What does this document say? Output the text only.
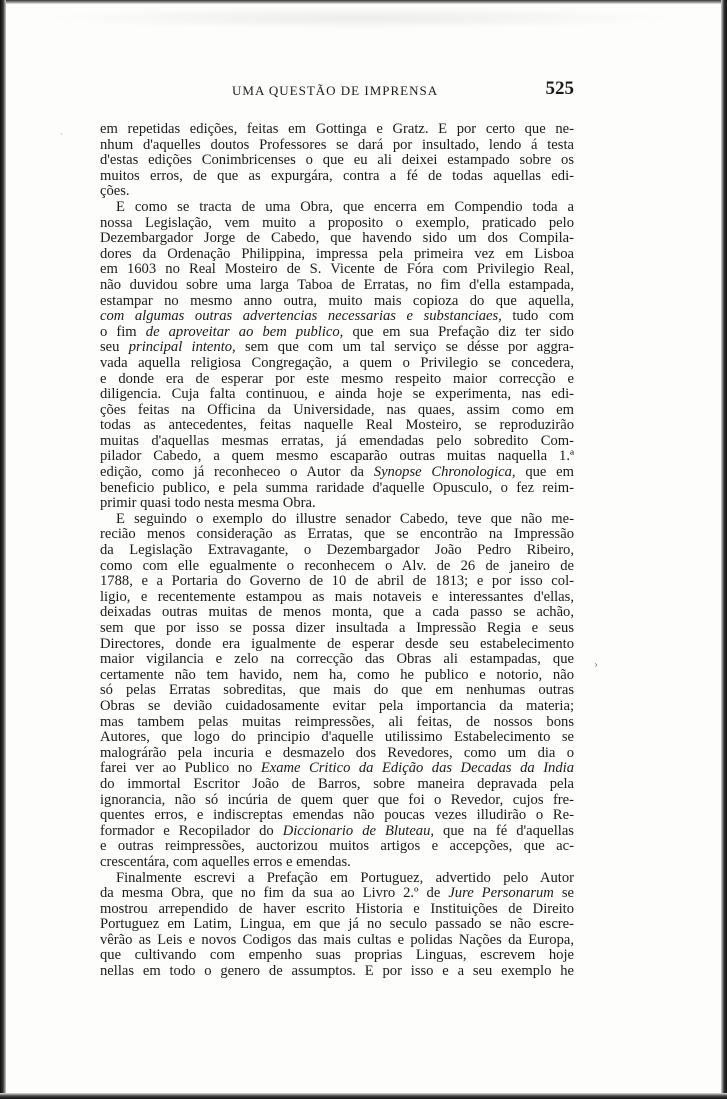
UMA QUESTÃO DE IMPRENSA	525
·
›
em repetidas edições, feitas em Gottinga e Gratz. E por certo que ne-
nhum d'aquelles doutos Professores se dará por insultado, lendo á testa
d'estas edições Conimbricenses o que eu ali deixei estampado sobre os
muitos erros, de que as expurgára, contra a fé de todas aquellas edi-
ções.
E como se tracta de uma Obra, que encerra em Compendio toda a
nossa Legislação, vem muito a proposito o exemplo, praticado pelo
Dezembargador Jorge de Cabedo, que havendo sido um dos Compila-
dores da Ordenação Philippina, impressa pela primeira vez em Lisboa
em 1603 no Real Mosteiro de S. Vicente de Fóra com Privilegio Real,
não duvidou sobre uma larga Taboa de Erratas, no fim d'ella estampada,
estampar no mesmo anno outra, muito mais copioza do que aquella,
com algumas outras advertencias necessarias e substanciaes, tudo com
o fim de aproveitar ao bem publico, que em sua Prefação diz ter sido
seu principal intento, sem que com um tal serviço se désse por aggra-
vada aquella religiosa Congregação, a quem o Privilegio se concedera,
e donde era de esperar por este mesmo respeito maior correcção e
diligencia. Cuja falta continuou, e ainda hoje se experimenta, nas edi-
ções feitas na Officina da Universidade, nas quaes, assim como em
todas as antecedentes, feitas naquelle Real Mosteiro, se reproduzirão
muitas d'aquellas mesmas erratas, já emendadas pelo sobredito Com-
pilador Cabedo, a quem mesmo escaparão outras muitas naquella 1.ª
edição, como já reconheceo o Autor da Synopse Chronologica, que em
beneficio publico, e pela summa raridade d'aquelle Opusculo, o fez reim-
primir quasi todo nesta mesma Obra.
E seguindo o exemplo do illustre senador Cabedo, teve que não me-
recião menos consideração as Erratas, que se encontrão na Impressão
da Legislação Extravagante, o Dezembargador João Pedro Ribeiro,
como com elle egualmente o reconhecem o Alv. de 26 de janeiro de
1788, e a Portaria do Governo de 10 de abril de 1813; e por isso col-
ligio, e recentemente estampou as mais notaveis e interessantes d'ellas,
deixadas outras muitas de menos monta, que a cada passo se achão,
sem que por isso se possa dizer insultada a Impressão Regia e seus
Directores, donde era igualmente de esperar desde seu estabelecimento
maior vigilancia e zelo na correcção das Obras ali estampadas, que
certamente não tem havido, nem ha, como he publico e notorio, não
só pelas Erratas sobreditas, que mais do que em nenhumas outras
Obras se devião cuidadosamente evitar pela importancia da materia;
mas tambem pelas muitas reimpressões, ali feitas, de nossos bons
Autores, que logo do principio d'aquelle utilissimo Estabelecimento se
malográrão pela incuria e desmazelo dos Revedores, como um dia o
farei ver ao Publico no Exame Critico da Edição das Decadas da India
do immortal Escritor João de Barros, sobre maneira depravada pela
ignorancia, não só incúria de quem quer que foi o Revedor, cujos fre-
quentes erros, e indiscreptas emendas não poucas vezes illudirão o Re-
formador e Recopilador do Diccionario de Bluteau, que na fé d'aquellas
e outras reimpressões, auctorizou muitos artigos e accepções, que ac-
crescentára, com aquelles erros e emendas.
Finalmente escrevi a Prefação em Portuguez, advertido pelo Autor
da mesma Obra, que no fim da sua ao Livro 2.º de Jure Personarum se
mostrou arrependido de haver escrito Historia e Instituições de Direito
Portuguez em Latim, Lingua, em que já no seculo passado se não escre-
vêrão as Leis e novos Codigos das mais cultas e polidas Nações da Europa,
que cultivando com empenho suas proprias Linguas, escrevem hoje
nellas em todo o genero de assumptos. E por isso e a seu exemplo he
